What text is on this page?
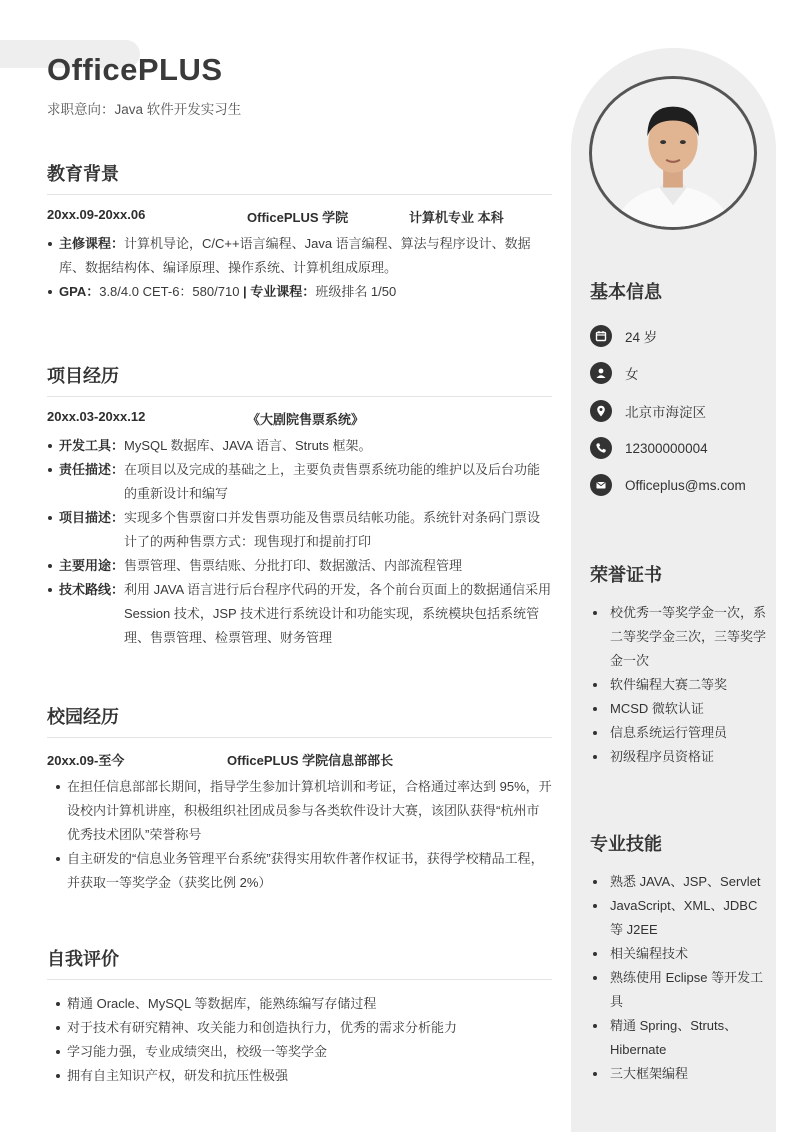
OfficePLUS
求职意向：Java 软件开发实习生
教育背景
20xx.09-20xx.06	OfficePLUS 学院	计算机专业 本科
主修课程：计算机导论，C/C++语言编程、Java 语言编程、算法与程序设计、数据库、数据结构体、编译原理、操作系统、计算机组成原理。
GPA：3.8/4.0 CET-6：580/710 | 专业课程：班级排名 1/50
项目经历
20xx.03-20xx.12	《大剧院售票系统》
开发工具： MySQL 数据库、JAVA 语言、Struts 框架。
责任描述： 在项目以及完成的基础之上，主要负责售票系统功能的维护以及后台功能的重新设计和编写
项目描述： 实现多个售票窗口并发售票功能及售票员结帐功能。系统针对条码门票设计了的两种售票方式：现售现打和提前打印
主要用途： 售票管理、售票结账、分批打印、数据激活、内部流程管理
技术路线： 利用 JAVA 语言进行后台程序代码的开发，各个前台页面上的数据通信采用 Session 技术，JSP 技术进行系统设计和功能实现，系统模块包括系统管理、售票管理、检票管理、财务管理
校园经历
20xx.09-至今	OfficePLUS 学院信息部部长
在担任信息部部长期间，指导学生参加计算机培训和考证，合格通过率达到 95%，开设校内计算机讲座，积极组织社团成员参与各类软件设计大赛，该团队获得“杭州市优秀技术团队”荣誉称号
自主研发的“信息业务管理平台系统”获得实用软件著作权证书，获得学校精品工程，并获取一等奖学金（获奖比例 2%）
自我评价
精通 Oracle、MySQL 等数据库，能熟练编写存储过程
对于技术有研究精神、攻关能力和创造执行力，优秀的需求分析能力
学习能力强，专业成绩突出，校级一等奖学金
拥有自主知识产权，研发和抗压性极强
基本信息
24 岁
女
北京市海淀区
12300000004
Officeplus@ms.com
荣誉证书
校优秀一等奖学金一次，系二等奖学金三次，三等奖学金一次
软件编程大赛二等奖
MCSD 微软认证
信息系统运行管理员
初级程序员资格证
专业技能
熟悉 JAVA、JSP、Servlet
JavaScript、XML、JDBC 等 J2EE
相关编程技术
熟练使用 Eclipse 等开发工具
精通 Spring、Struts、Hibernate
三大框架编程
